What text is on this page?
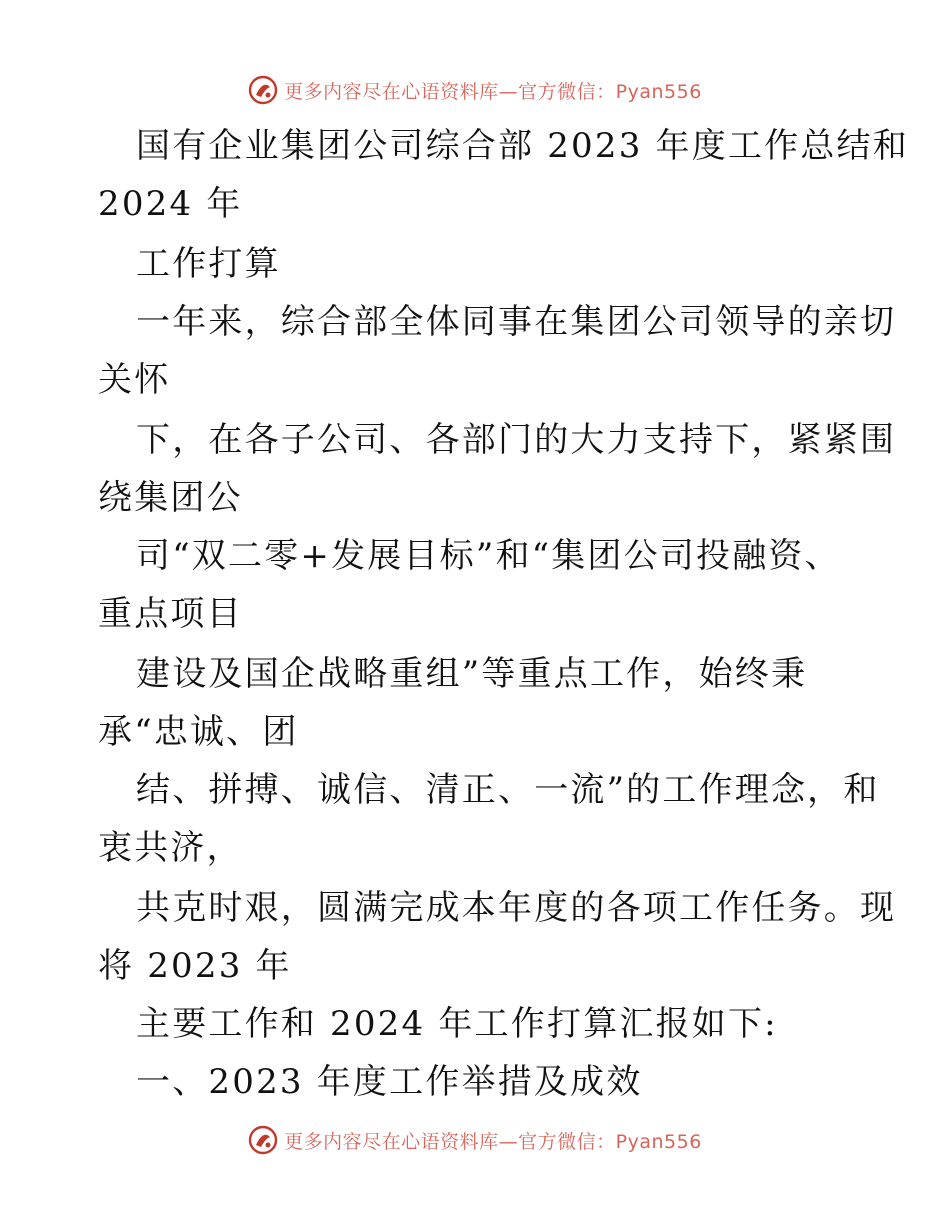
更多内容尽在心语资料库—官方微信：Pyan556
国有企业集团公司综合部 2023 年度工作总结和
2024 年
工作打算
一年来，综合部全体同事在集团公司领导的亲切
关怀
下，在各子公司、各部门的大力支持下，紧紧围
绕集团公
司“双二零+发展目标”和“集团公司投融资、
重点项目
建设及国企战略重组”等重点工作，始终秉
承“忠诚、团
结、拼搏、诚信、清正、一流”的工作理念，和
衷共济，
共克时艰，圆满完成本年度的各项工作任务。现
将 2023 年
主要工作和 2024 年工作打算汇报如下:
一、2023 年度工作举措及成效
更多内容尽在心语资料库—官方微信：Pyan556
